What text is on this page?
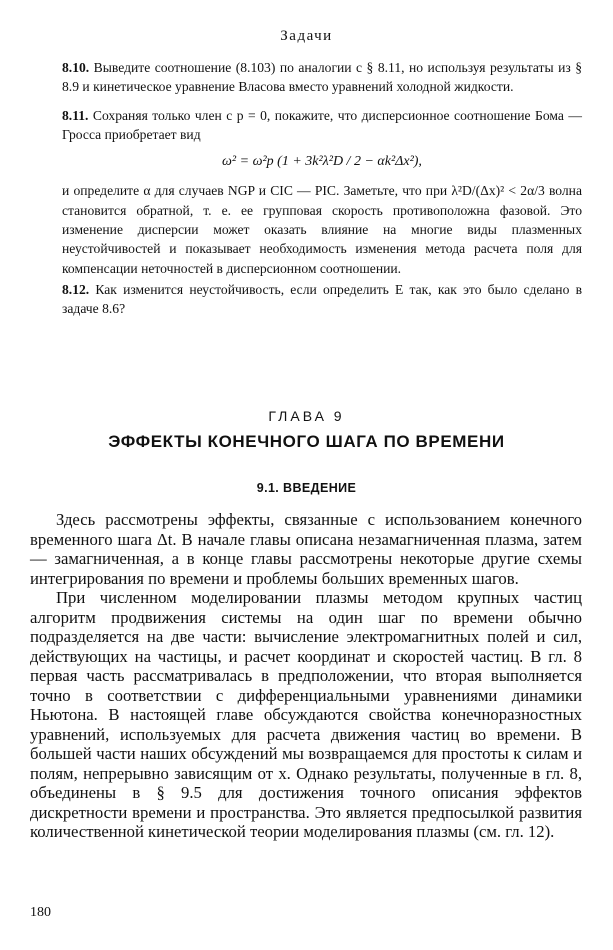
Задачи

8.10. Выведите соотношение (8.103) по аналогии с § 8.11, но используя результаты из § 8.9 и кинетическое уравнение Власова вместо уравнений холодной жидкости.

8.11. Сохраняя только член с p = 0, покажите, что дисперсионное соотношение Бома — Гросса приобретает вид

ω² = ω²p (1 + 3k²λ²D / 2 − αk²Δx²),

и определите α для случаев NGP и CIC — PIC. Заметьте, что при λ²D/(Δx)² < 2α/3 волна становится обратной, т. е. ее групповая скорость противоположна фазовой. Это изменение дисперсии может оказать влияние на многие виды плазменных неустойчивостей и показывает необходимость изменения метода расчета поля для компенсации неточностей в дисперсионном соотношении.

8.12. Как изменится неустойчивость, если определить E так, как это было сделано в задаче 8.6?

ГЛАВА 9
ЭФФЕКТЫ КОНЕЧНОГО ШАГА ПО ВРЕМЕНИ
9.1. ВВЕДЕНИЕ

Здесь рассмотрены эффекты, связанные с использованием конечного временного шага Δt. В начале главы описана незамагниченная плазма, затем — замагниченная, а в конце главы рассмотрены некоторые другие схемы интегрирования по времени и проблемы больших временных шагов.

При численном моделировании плазмы методом крупных частиц алгоритм продвижения системы на один шаг по времени обычно подразделяется на две части: вычисление электромагнитных полей и сил, действующих на частицы, и расчет координат и скоростей частиц. В гл. 8 первая часть рассматривалась в предположении, что вторая выполняется точно в соответствии с дифференциальными уравнениями динамики Ньютона. В настоящей главе обсуждаются свойства конечноразностных уравнений, используемых для расчета движения частиц во времени. В большей части наших обсуждений мы возвращаемся для простоты к силам и полям, непрерывно зависящим от x. Однако результаты, полученные в гл. 8, объединены в § 9.5 для достижения точного описания эффектов дискретности времени и пространства. Это является предпосылкой развития количественной кинетической теории моделирования плазмы (см. гл. 12).

180
